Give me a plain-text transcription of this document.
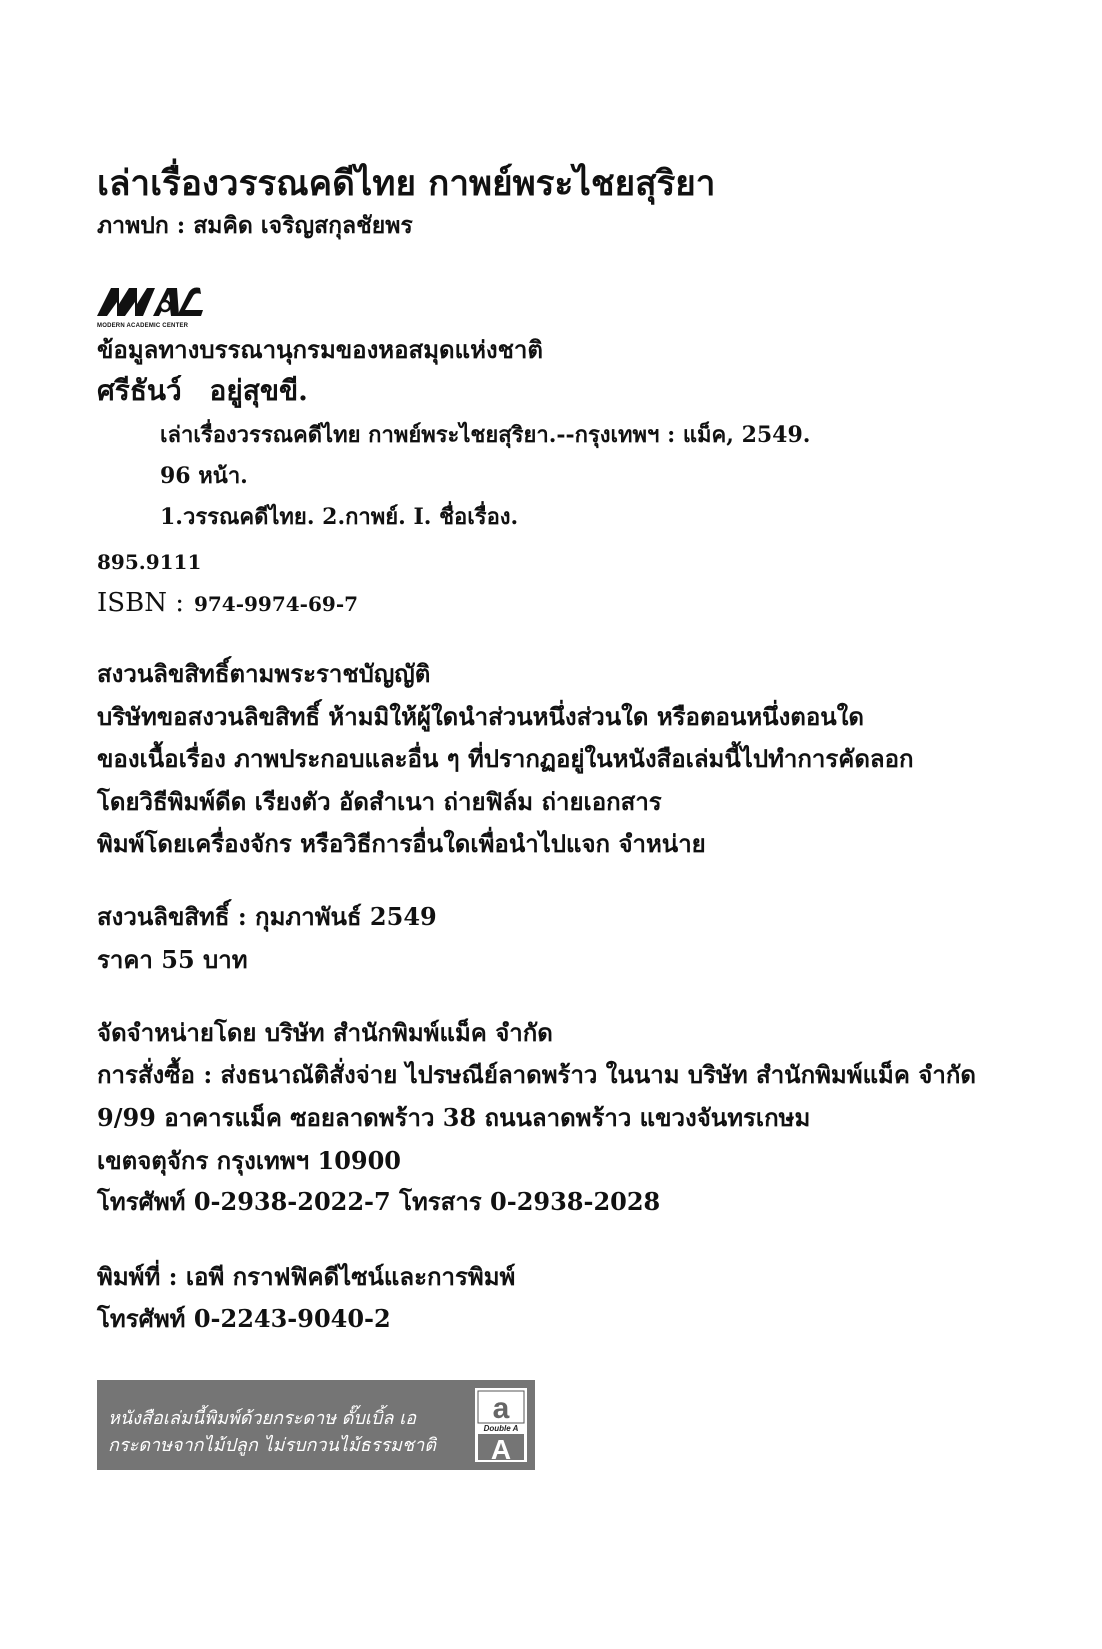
เล่าเรื่องวรรณคดีไทย กาพย์พระไชยสุริยา
ภาพปก : สมคิด เจริญสกุลชัยพร
MODERN ACADEMIC CENTER
ข้อมูลทางบรรณานุกรมของหอสมุดแห่งชาติ
ศรีธันว์ อยู่สุขขี.
เล่าเรื่องวรรณคดีไทย กาพย์พระไชยสุริยา.--กรุงเทพฯ : แม็ค, 2549.
96 หน้า.
1.วรรณคดีไทย. 2.กาพย์. I. ชื่อเรื่อง.
895.9111
ISBN : 974-9974-69-7
สงวนลิขสิทธิ์ตามพระราชบัญญัติ
บริษัทขอสงวนลิขสิทธิ์ ห้ามมิให้ผู้ใดนำส่วนหนึ่งส่วนใด หรือตอนหนึ่งตอนใด
ของเนื้อเรื่อง ภาพประกอบและอื่น ๆ ที่ปรากฏอยู่ในหนังสือเล่มนี้ไปทำการคัดลอก
โดยวิธีพิมพ์ดีด เรียงตัว อัดสำเนา ถ่ายฟิล์ม ถ่ายเอกสาร
พิมพ์โดยเครื่องจักร หรือวิธีการอื่นใดเพื่อนำไปแจก จำหน่าย
สงวนลิขสิทธิ์ : กุมภาพันธ์ 2549
ราคา 55 บาท
จัดจำหน่ายโดย บริษัท สำนักพิมพ์แม็ค จำกัด
การสั่งซื้อ : ส่งธนาณัติสั่งจ่าย ไปรษณีย์ลาดพร้าว ในนาม บริษัท สำนักพิมพ์แม็ค จำกัด
9/99 อาคารแม็ค ซอยลาดพร้าว 38 ถนนลาดพร้าว แขวงจันทรเกษม
เขตจตุจักร กรุงเทพฯ 10900
โทรศัพท์ 0-2938-2022-7 โทรสาร 0-2938-2028
พิมพ์ที่ : เอพี กราฟฟิคดีไซน์และการพิมพ์
โทรศัพท์ 0-2243-9040-2
หนังสือเล่มนี้พิมพ์ด้วยกระดาษ ดั๊บเบิ้ล เอ
กระดาษจากไม้ปลูก ไม่รบกวนไม้ธรรมชาติ
a
Double A
A
